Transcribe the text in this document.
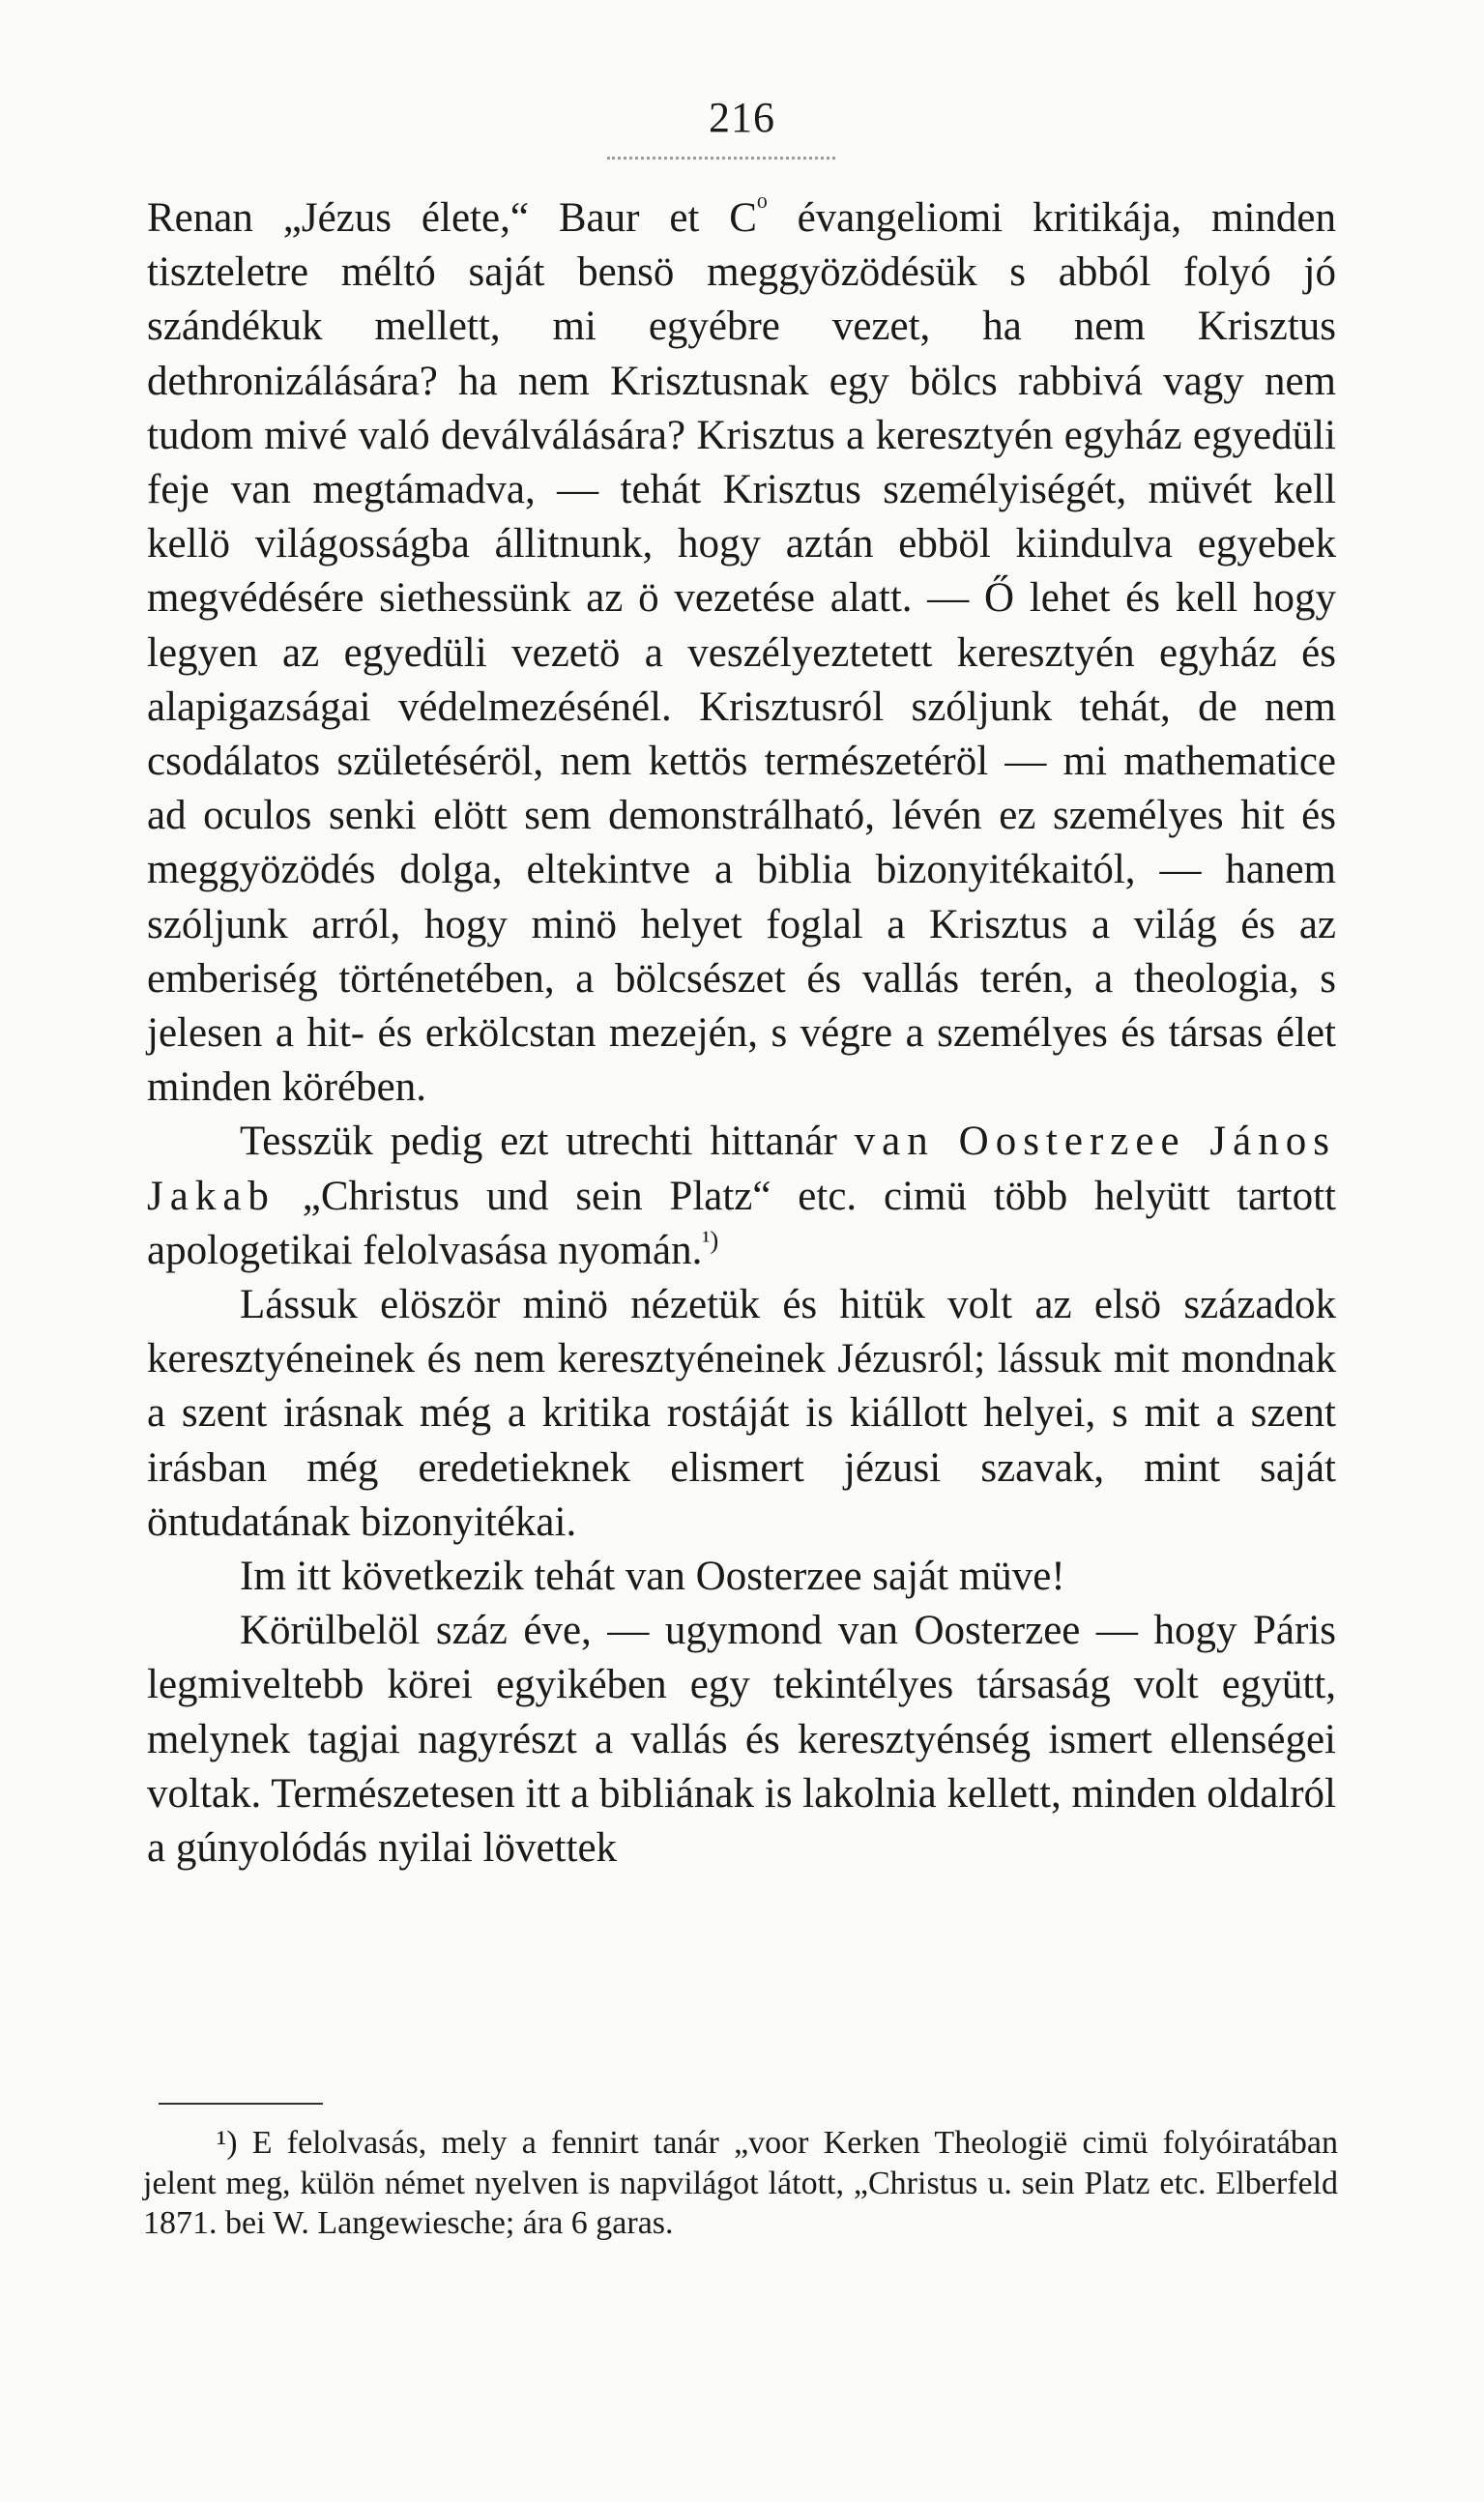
216

Renan „Jézus élete,“ Baur et $C^{^0}$ évangeliomi kritikája, minden tiszteletre méltó saját bensö meggyözödésük s abból folyó jó szándékuk mellett, mi egyébre vezet, ha nem Krisztus dethronizálására? ha nem Krisztusnak egy bölcs rabbivá vagy nem tudom mivé való deválválására? Krisztus a keresztyén egyház egyedüli feje van megtámadva, — tehát Krisztus személyiségét, müvét kell kellö világosságba állitnunk, hogy aztán ebböl kiindulva egyebek megvédésére siethessünk az ö vezetése alatt. — Ő lehet és kell hogy legyen az egyedüli vezetö a veszélyeztetett keresztyén egyház és alapigazságai védelmezésénél. Krisztusról szóljunk tehát, de nem csodálatos születéséröl, nem kettös természetéröl — mi mathematice ad oculos senki elött sem demonstrálható, lévén ez személyes hit és meggyözödés dolga, eltekintve a biblia bizonyitékaitól, — hanem szóljunk arról, hogy minö helyet foglal a Krisztus a világ és az emberiség történetében, a bölcsészet és vallás terén, a theologia, s jelesen a hit- és erkölcstan mezején, s végre a személyes és társas élet minden körében.

Tesszük pedig ezt utrechti hittanár van Oosterzee János Jakab „Christus und sein Platz“ etc. cimü több helyütt tartott apologetikai felolvasása nyomán.$^{^1)}$

Lássuk elöször minö nézetük és hitük volt az elsö századok keresztyéneinek és nem keresztyéneinek Jézusról; lássuk mit mondnak a szent irásnak még a kritika rostáját is kiállott helyei, s mit a szent irásban még eredetieknek elismert jézusi szavak, mint saját öntudatának bizonyitékai.

Im itt következik tehát van Oosterzee saját müve!

Körülbelöl száz éve, — ugymond van Oosterzee — hogy Páris legmiveltebb körei egyikében egy tekintélyes társaság volt együtt, melynek tagjai nagyrészt a vallás és keresztyénség ismert ellenségei voltak. Természetesen itt a bibliának is lakolnia kellett, minden oldalról a gúnyolódás nyilai lövettek

¹) E felolvasás, mely a fennirt tanár „voor Kerken Theologië cimü folyóiratában jelent meg, külön német nyelven is napvilágot látott, „Christus u. sein Platz etc. Elberfeld 1871. bei W. Langewiesche; ára 6 garas.
